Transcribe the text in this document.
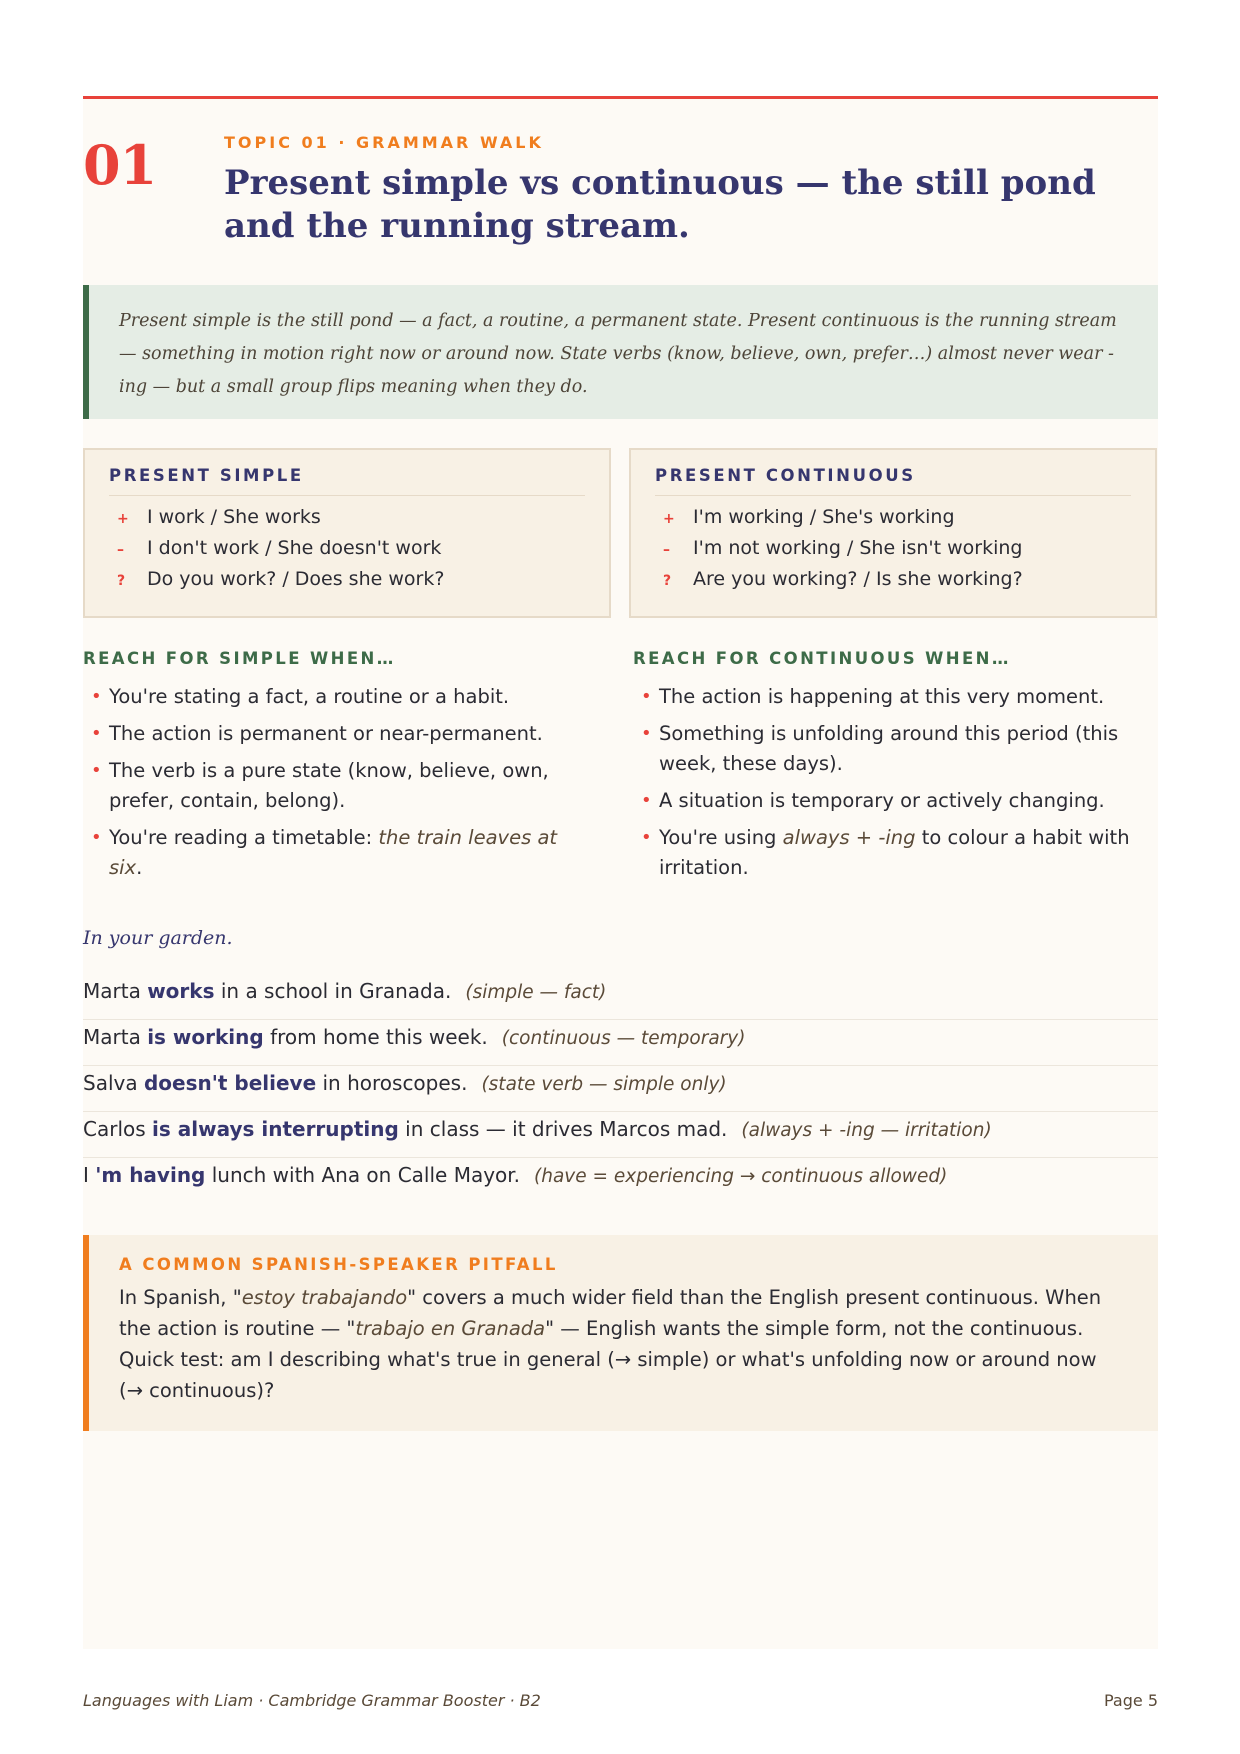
01	TOPIC 01 · GRAMMAR WALK
Present simple vs continuous — the still pond and the running stream.
Present simple is the still pond — a fact, a routine, a permanent state. Present continuous is the running stream — something in motion right now or around now. State verbs (know, believe, own, prefer…) almost never wear -ing — but a small group flips meaning when they do.
PRESENT SIMPLE
+ I work / She works
–	I don't work / She doesn't work
?	Do you work? / Does she work?
PRESENT CONTINUOUS
+ I'm working / She's working
–	I'm not working / She isn't working
?	Are you working? / Is she working?
REACH FOR SIMPLE WHEN…
• You're stating a fact, a routine or a habit.
• The action is permanent or near-permanent.
• The verb is a pure state (know, believe, own, prefer, contain, belong).
• You're reading a timetable: the train leaves at six.
REACH FOR CONTINUOUS WHEN…
• The action is happening at this very moment.
• Something is unfolding around this period (this week, these days).
• A situation is temporary or actively changing.
• You're using always + -ing to colour a habit with irritation.
In your garden.
Marta works in a school in Granada. (simple — fact)
Marta is working from home this week. (continuous — temporary)
Salva doesn't believe in horoscopes. (state verb — simple only)
Carlos is always interrupting in class — it drives Marcos mad. (always + -ing — irritation)
I 'm having lunch with Ana on Calle Mayor. (have = experiencing → continuous allowed)
A COMMON SPANISH-SPEAKER PITFALL
In Spanish, "estoy trabajando" covers a much wider field than the English present continuous. When the action is routine — "trabajo en Granada" — English wants the simple form, not the continuous. Quick test: am I describing what's true in general (→ simple) or what's unfolding now or around now (→ continuous)?
Languages with Liam · Cambridge Grammar Booster · B2	Page 5
